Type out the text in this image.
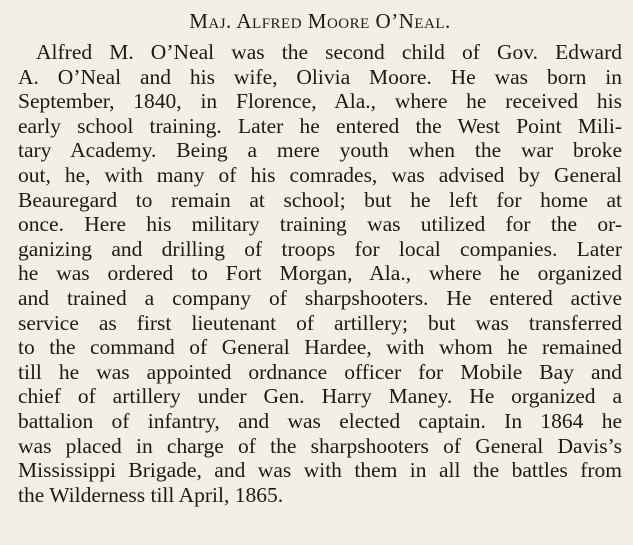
Maj. Alfred Moore O’Neal.
Alfred M. O’Neal was the second child of Gov. Edward
A. O’Neal and his wife, Olivia Moore. He was born in
September, 1840, in Florence, Ala., where he received his
early school training. Later he entered the West Point Mili-
tary Academy. Being a mere youth when the war broke
out, he, with many of his comrades, was advised by General
Beauregard to remain at school; but he left for home at
once. Here his military training was utilized for the or-
ganizing and drilling of troops for local companies. Later
he was ordered to Fort Morgan, Ala., where he organized
and trained a company of sharpshooters. He entered active
service as first lieutenant of artillery; but was transferred
to the command of General Hardee, with whom he remained
till he was appointed ordnance officer for Mobile Bay and
chief of artillery under Gen. Harry Maney. He organized a
battalion of infantry, and was elected captain. In 1864 he
was placed in charge of the sharpshooters of General Davis’s
Mississippi Brigade, and was with them in all the battles from
the Wilderness till April, 1865.
